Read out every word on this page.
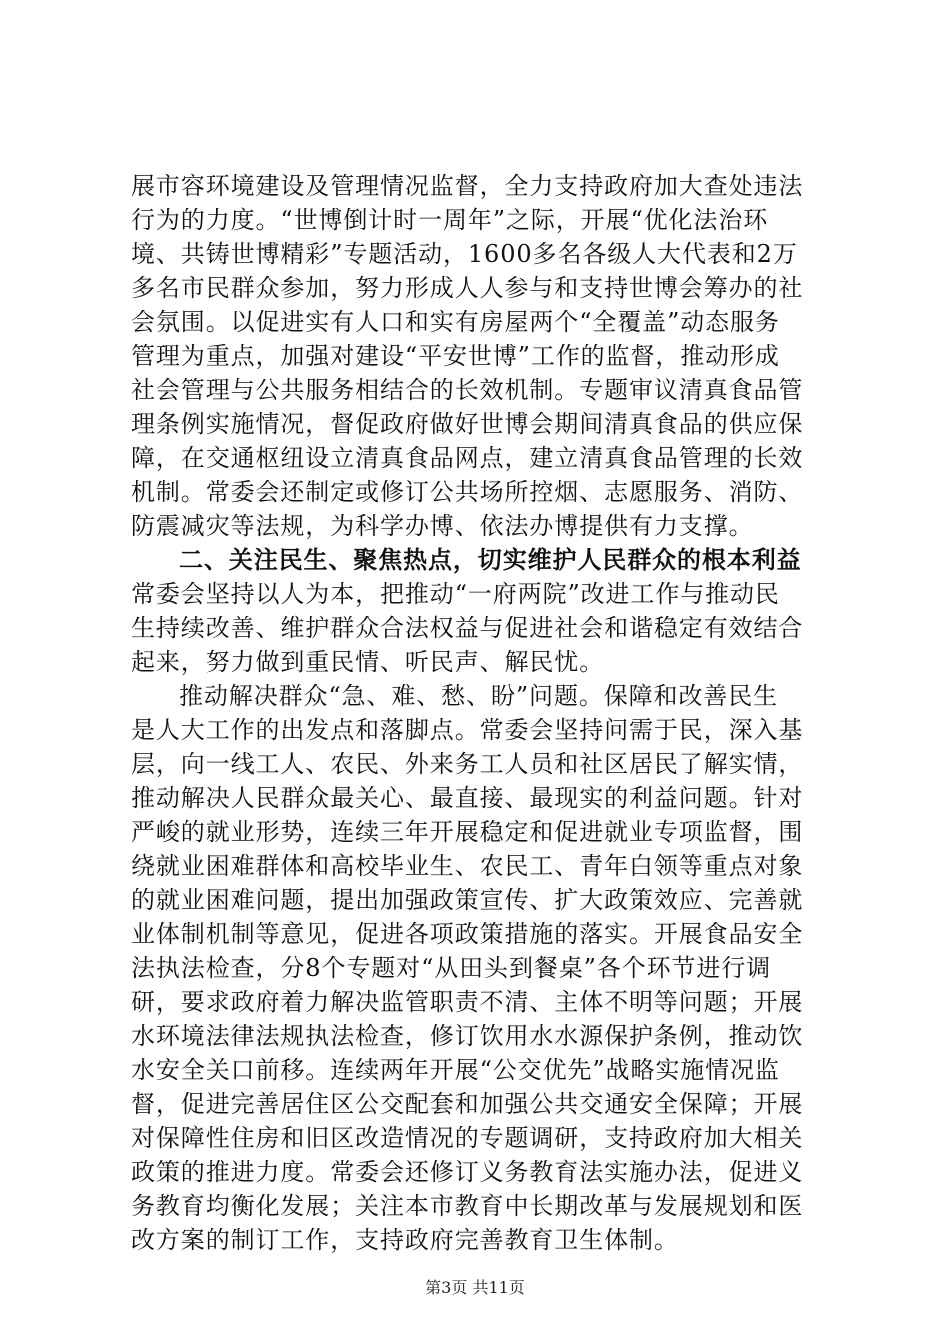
展市容环境建设及管理情况监督，全力支持政府加大查处违法
行为的力度。“世博倒计时一周年”之际，开展“优化法治环
境、共铸世博精彩”专题活动，1600多名各级人大代表和2万
多名市民群众参加，努力形成人人参与和支持世博会筹办的社
会氛围。以促进实有人口和实有房屋两个“全覆盖”动态服务
管理为重点，加强对建设“平安世博”工作的监督，推动形成
社会管理与公共服务相结合的长效机制。专题审议清真食品管
理条例实施情况，督促政府做好世博会期间清真食品的供应保
障，在交通枢纽设立清真食品网点，建立清真食品管理的长效
机制。常委会还制定或修订公共场所控烟、志愿服务、消防、
防震减灾等法规，为科学办博、依法办博提供有力支撑。
二、关注民生、聚焦热点，切实维护人民群众的根本利益
常委会坚持以人为本，把推动“一府两院”改进工作与推动民
生持续改善、维护群众合法权益与促进社会和谐稳定有效结合
起来，努力做到重民情、听民声、解民忧。
推动解决群众“急、难、愁、盼”问题。保障和改善民生
是人大工作的出发点和落脚点。常委会坚持问需于民，深入基
层，向一线工人、农民、外来务工人员和社区居民了解实情，
推动解决人民群众最关心、最直接、最现实的利益问题。针对
严峻的就业形势，连续三年开展稳定和促进就业专项监督，围
绕就业困难群体和高校毕业生、农民工、青年白领等重点对象
的就业困难问题，提出加强政策宣传、扩大政策效应、完善就
业体制机制等意见，促进各项政策措施的落实。开展食品安全
法执法检查，分8个专题对“从田头到餐桌”各个环节进行调
研，要求政府着力解决监管职责不清、主体不明等问题；开展
水环境法律法规执法检查，修订饮用水水源保护条例，推动饮
水安全关口前移。连续两年开展“公交优先”战略实施情况监
督，促进完善居住区公交配套和加强公共交通安全保障；开展
对保障性住房和旧区改造情况的专题调研，支持政府加大相关
政策的推进力度。常委会还修订义务教育法实施办法，促进义
务教育均衡化发展；关注本市教育中长期改革与发展规划和医
改方案的制订工作，支持政府完善教育卫生体制。
第3页 共11页
